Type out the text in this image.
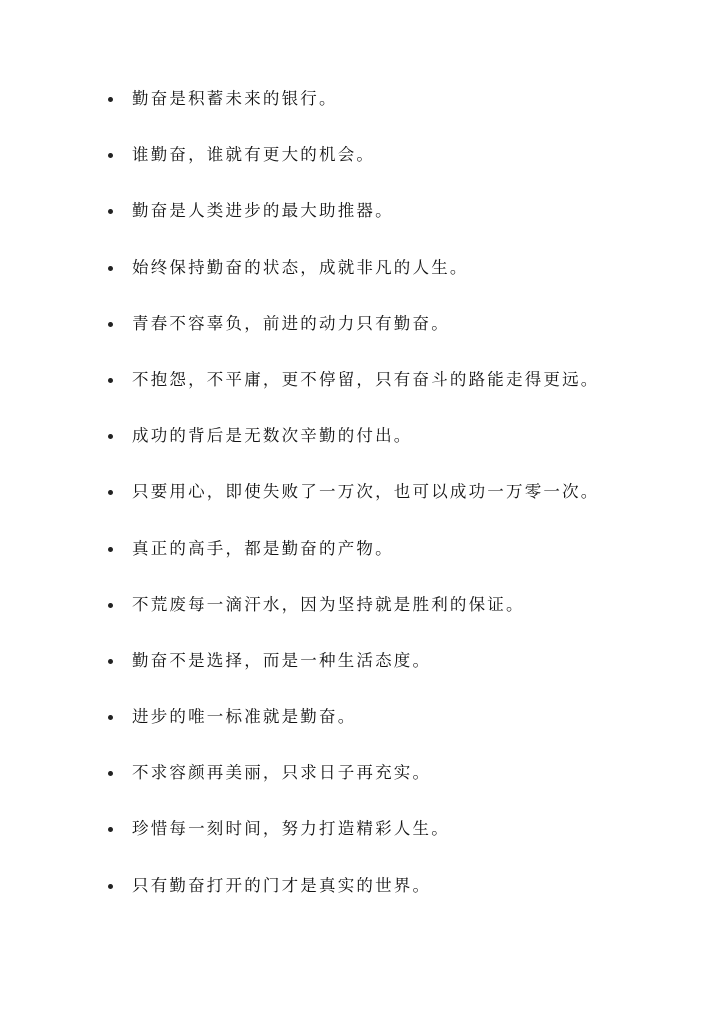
勤奋是积蓄未来的银行。
谁勤奋，谁就有更大的机会。
勤奋是人类进步的最大助推器。
始终保持勤奋的状态，成就非凡的人生。
青春不容辜负，前进的动力只有勤奋。
不抱怨，不平庸，更不停留，只有奋斗的路能走得更远。
成功的背后是无数次辛勤的付出。
只要用心，即使失败了一万次，也可以成功一万零一次。
真正的高手，都是勤奋的产物。
不荒废每一滴汗水，因为坚持就是胜利的保证。
勤奋不是选择，而是一种生活态度。
进步的唯一标准就是勤奋。
不求容颜再美丽，只求日子再充实。
珍惜每一刻时间，努力打造精彩人生。
只有勤奋打开的门才是真实的世界。
